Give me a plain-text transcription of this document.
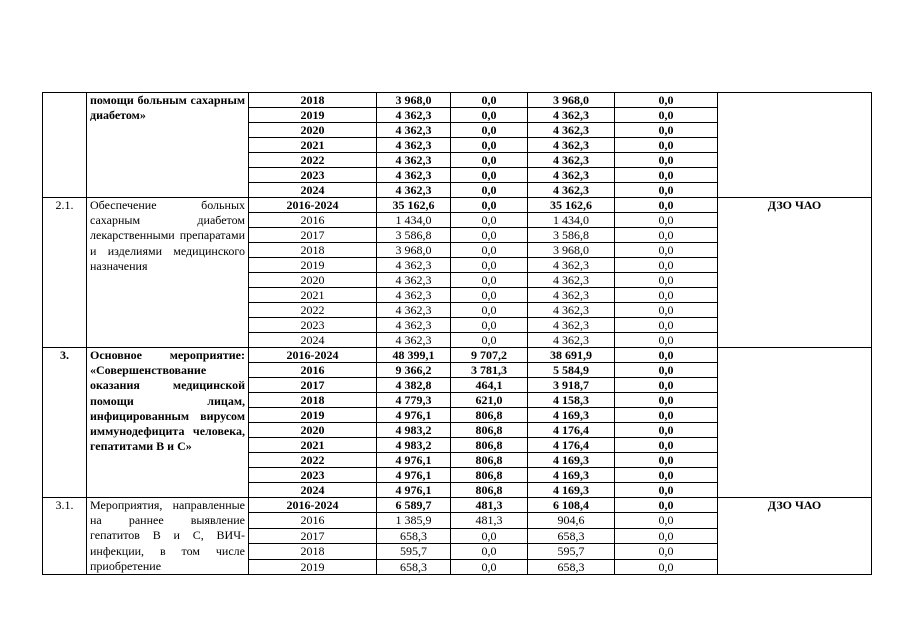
	помощи больным сахарным диабетом»	2018	3 968,0	0,0	3 968,0	0,0	
		2019	4 362,3	0,0	4 362,3	0,0	
		2020	4 362,3	0,0	4 362,3	0,0	
		2021	4 362,3	0,0	4 362,3	0,0	
		2022	4 362,3	0,0	4 362,3	0,0	
		2023	4 362,3	0,0	4 362,3	0,0	
		2024	4 362,3	0,0	4 362,3	0,0	
2.1.	Обеспечение больных сахарным диабетом лекарственными препаратами и изделиями медицинского назначения	2016-2024	35 162,6	0,0	35 162,6	0,0	ДЗО ЧАО
		2016	1 434,0	0,0	1 434,0	0,0	
		2017	3 586,8	0,0	3 586,8	0,0	
		2018	3 968,0	0,0	3 968,0	0,0	
		2019	4 362,3	0,0	4 362,3	0,0	
		2020	4 362,3	0,0	4 362,3	0,0	
		2021	4 362,3	0,0	4 362,3	0,0	
		2022	4 362,3	0,0	4 362,3	0,0	
		2023	4 362,3	0,0	4 362,3	0,0	
		2024	4 362,3	0,0	4 362,3	0,0	
3.	Основное мероприятие: «Совершенствование оказания медицинской помощи лицам, инфицированным вирусом иммунодефицита человека, гепатитами В и С»	2016-2024	48 399,1	9 707,2	38 691,9	0,0	
		2016	9 366,2	3 781,3	5 584,9	0,0	
		2017	4 382,8	464,1	3 918,7	0,0	
		2018	4 779,3	621,0	4 158,3	0,0	
		2019	4 976,1	806,8	4 169,3	0,0	
		2020	4 983,2	806,8	4 176,4	0,0	
		2021	4 983,2	806,8	4 176,4	0,0	
		2022	4 976,1	806,8	4 169,3	0,0	
		2023	4 976,1	806,8	4 169,3	0,0	
		2024	4 976,1	806,8	4 169,3	0,0	
3.1.	Мероприятия, направленные на раннее выявление гепатитов В и С, ВИЧ-инфекции, в том числе приобретение	2016-2024	6 589,7	481,3	6 108,4	0,0	ДЗО ЧАО
		2016	1 385,9	481,3	904,6	0,0	
		2017	658,3	0,0	658,3	0,0	
		2018	595,7	0,0	595,7	0,0	
		2019	658,3	0,0	658,3	0,0	
